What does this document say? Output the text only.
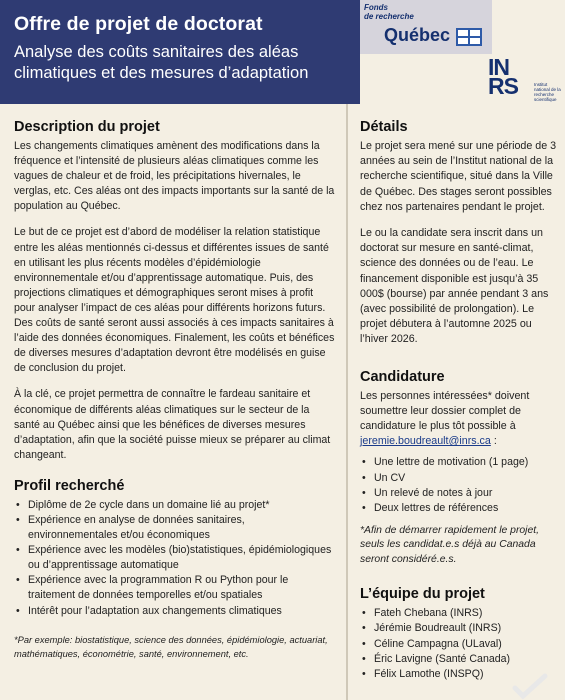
Offre de projet de doctorat
Analyse des coûts sanitaires des aléas climatiques et des mesures d’adaptation
Fonds
de recherche
Québec
IN
RS	Institut national de la recherche scientifique
Description du projet

Les changements climatiques amènent des modifications dans la fréquence et l’intensité de plusieurs aléas climatiques comme les vagues de chaleur et de froid, les précipitations hivernales, le verglas, etc. Ces aléas ont des impacts importants sur la santé de la population au Québec.

Le but de ce projet est d’abord de modéliser la relation statistique entre les aléas mentionnés ci-dessus et différentes issues de santé en utilisant les plus récents modèles d’épidémiologie environnementale et/ou d’apprentissage automatique. Puis, des projections climatiques et démographiques seront mises à profit pour analyser l’impact de ces aléas pour différents horizons futurs. Des coûts de santé seront aussi associés à ces impacts sanitaires à l’aide des données économiques. Finalement, les coûts et bénéfices de diverses mesures d’adaptation devront être modélisés en guise de conclusion du projet.

À la clé, ce projet permettra de connaître le fardeau sanitaire et économique de différents aléas climatiques sur le secteur de la santé au Québec ainsi que les bénéfices de diverses mesures d’adaptation, afin que la société puisse mieux se préparer au climat changeant.

Profil recherché
• Diplôme de 2e cycle dans un domaine lié au projet*
• Expérience en analyse de données sanitaires, environnementales et/ou économiques
• Expérience avec les modèles (bio)statistiques, épidémiologiques ou d’apprentissage automatique
• Expérience avec la programmation R ou Python pour le traitement de données temporelles et/ou spatiales
• Intérêt pour l’adaptation aux changements climatiques

*Par exemple: biostatistique, science des données, épidémiologie, actuariat, mathématiques, économétrie, santé, environnement, etc.

Détails

Le projet sera mené sur une période de 3 années au sein de l’Institut national de la recherche scientifique, situé dans la Ville de Québec. Des stages seront possibles chez nos partenaires pendant le projet.

Le ou la candidate sera inscrit dans un doctorat sur mesure en santé-climat, science des données ou de l’eau. Le financement disponible est jusqu’à 35 000$ (bourse) par année pendant 3 ans (avec possibilité de prolongation). Le projet débutera à l’automne 2025 ou l’hiver 2026.

Candidature

Les personnes intéressées* doivent soumettre leur dossier complet de candidature le plus tôt possible à jeremie.boudreault@inrs.ca :

• Une lettre de motivation (1 page)
• Un CV
• Un relevé de notes à jour
• Deux lettres de références

*Afin de démarrer rapidement le projet, seuls les candidat.e.s déjà au Canada seront considéré.e.s.

L’équipe du projet
• Fateh Chebana (INRS)
• Jérémie Boudreault (INRS)
• Céline Campagna (ULaval)
• Éric Lavigne (Santé Canada)
• Félix Lamothe (INSPQ)
